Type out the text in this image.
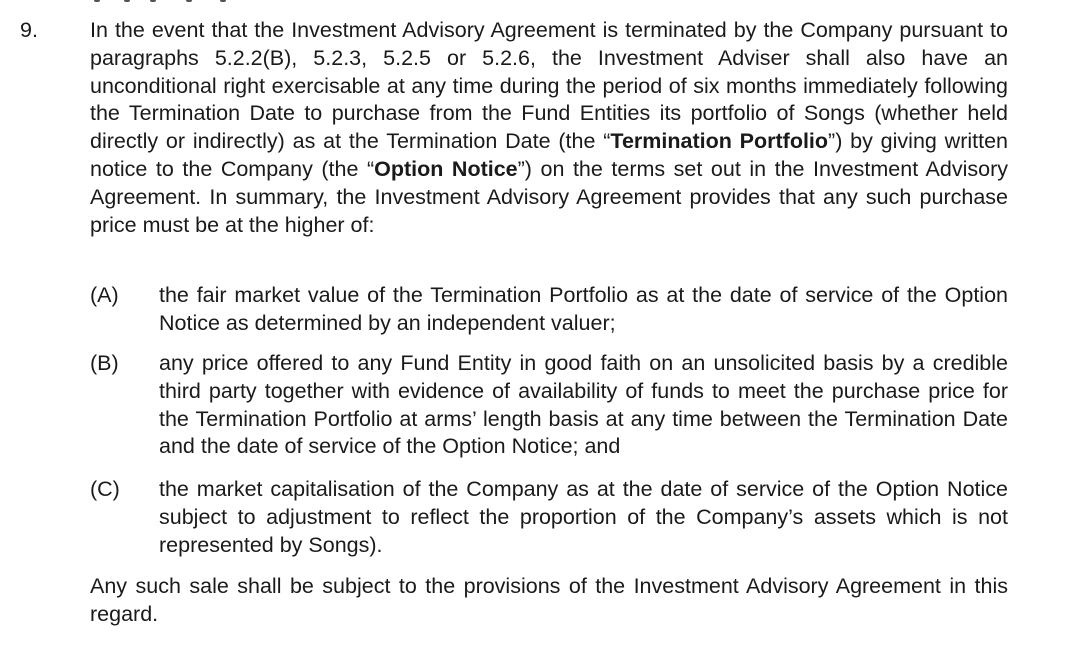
9. In the event that the Investment Advisory Agreement is terminated by the Company pursuant to paragraphs 5.2.2(B), 5.2.3, 5.2.5 or 5.2.6, the Investment Adviser shall also have an unconditional right exercisable at any time during the period of six months immediately following the Termination Date to purchase from the Fund Entities its portfolio of Songs (whether held directly or indirectly) as at the Termination Date (the “Termination Portfolio”) by giving written notice to the Company (the “Option Notice”) on the terms set out in the Investment Advisory Agreement. In summary, the Investment Advisory Agreement provides that any such purchase price must be at the higher of:

(A) the fair market value of the Termination Portfolio as at the date of service of the Option Notice as determined by an independent valuer;

(B) any price offered to any Fund Entity in good faith on an unsolicited basis by a credible third party together with evidence of availability of funds to meet the purchase price for the Termination Portfolio at arms’ length basis at any time between the Termination Date and the date of service of the Option Notice; and

(C) the market capitalisation of the Company as at the date of service of the Option Notice subject to adjustment to reflect the proportion of the Company’s assets which is not represented by Songs).

Any such sale shall be subject to the provisions of the Investment Advisory Agreement in this regard.
